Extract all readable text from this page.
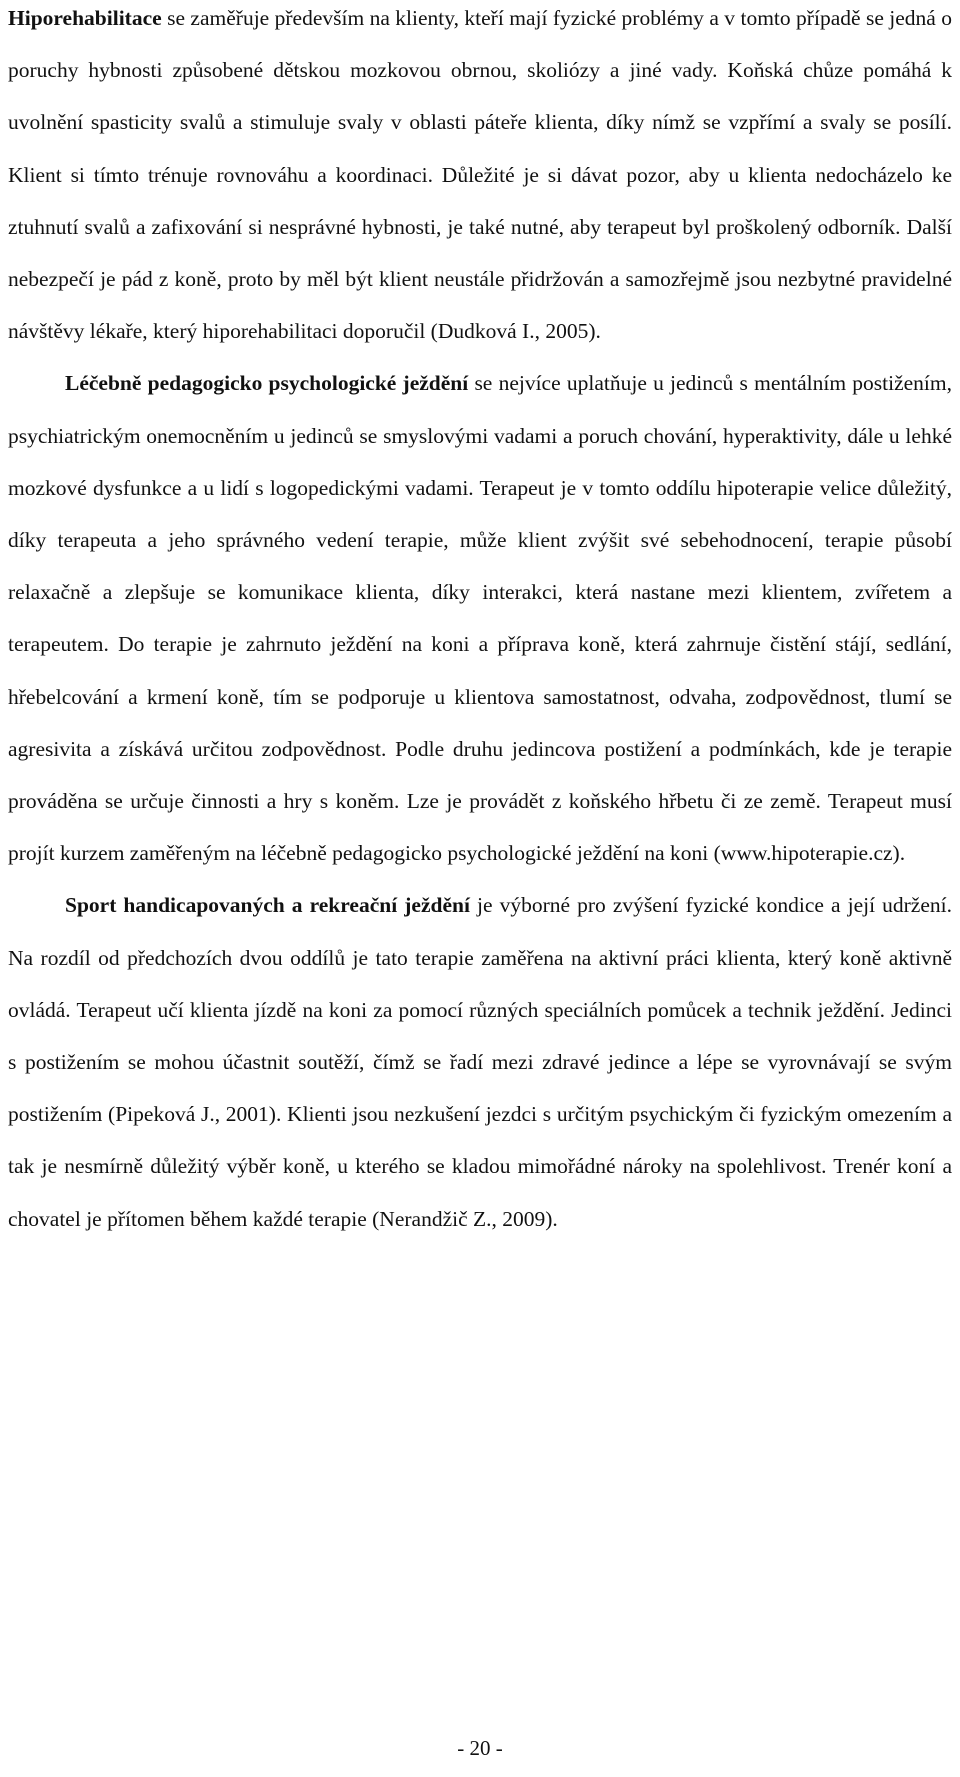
Hiporehabilitace se zaměřuje především na klienty, kteří mají fyzické problémy a v tomto případě se jedná o poruchy hybnosti způsobené dětskou mozkovou obrnou, skoliózy a jiné vady. Koňská chůze pomáhá k uvolnění spasticity svalů a stimuluje svaly v oblasti páteře klienta, díky nímž se vzpřímí a svaly se posílí. Klient si tímto trénuje rovnováhu a koordinaci. Důležité je si dávat pozor, aby u klienta nedocházelo ke ztuhnutí svalů a zafixování si nesprávné hybnosti, je také nutné, aby terapeut byl proškolený odborník. Další nebezpečí je pád z koně, proto by měl být klient neustále přidržován a samozřejmě jsou nezbytné pravidelné návštěvy lékaře, který hiporehabilitaci doporučil (Dudková I., 2005).

Léčebně pedagogicko psychologické ježdění se nejvíce uplatňuje u jedinců s mentálním postižením, psychiatrickým onemocněním u jedinců se smyslovými vadami a poruch chování, hyperaktivity, dále u lehké mozkové dysfunkce a u lidí s logopedickými vadami. Terapeut je v tomto oddílu hipoterapie velice důležitý, díky terapeuta a jeho správného vedení terapie, může klient zvýšit své sebehodnocení, terapie působí relaxačně a zlepšuje se komunikace klienta, díky interakci, která nastane mezi klientem, zvířetem a terapeutem. Do terapie je zahrnuto ježdění na koni a příprava koně, která zahrnuje čistění stájí, sedlání, hřebelcování a krmení koně, tím se podporuje u klientova samostatnost, odvaha, zodpovědnost, tlumí se agresivita a získává určitou zodpovědnost. Podle druhu jedincova postižení a podmínkách, kde je terapie prováděna se určuje činnosti a hry s koněm. Lze je provádět z koňského hřbetu či ze země. Terapeut musí projít kurzem zaměřeným na léčebně pedagogicko psychologické ježdění na koni (www.hipoterapie.cz).

Sport handicapovaných a rekreační ježdění je výborné pro zvýšení fyzické kondice a její udržení. Na rozdíl od předchozích dvou oddílů je tato terapie zaměřena na aktivní práci klienta, který koně aktivně ovládá. Terapeut učí klienta jízdě na koni za pomocí různých speciálních pomůcek a technik ježdění. Jedinci s postižením se mohou účastnit soutěží, čímž se řadí mezi zdravé jedince a lépe se vyrovnávají se svým postižením (Pipeková J., 2001). Klienti jsou nezkušení jezdci s určitým psychickým či fyzickým omezením a tak je nesmírně důležitý výběr koně, u kterého se kladou mimořádné nároky na spolehlivost. Trenér koní a chovatel je přítomen během každé terapie (Nerandžič Z., 2009).

- 20 -
